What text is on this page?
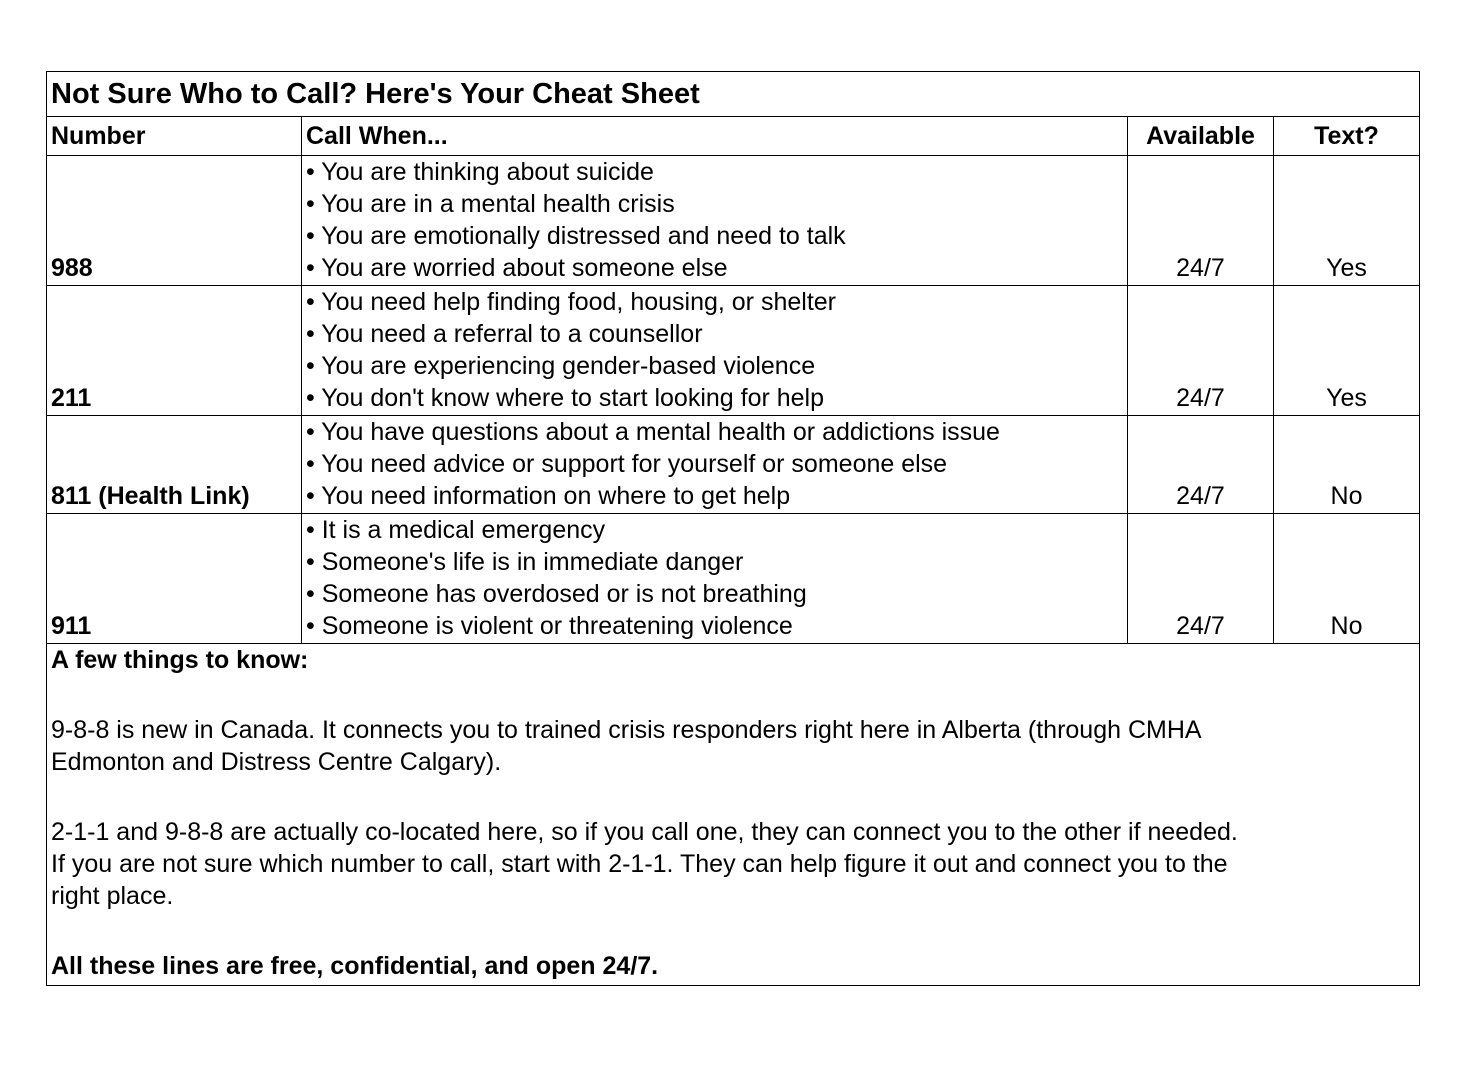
Not Sure Who to Call? Here's Your Cheat Sheet			
Number	Call When...	Available	Text?
988	• You are thinking about suicide
• You are in a mental health crisis
• You are emotionally distressed and need to talk
• You are worried about someone else	24/7	Yes
211	• You need help finding food, housing, or shelter
• You need a referral to a counsellor
• You are experiencing gender-based violence
• You don't know where to start looking for help	24/7	Yes
811 (Health Link)	• You have questions about a mental health or addictions issue
• You need advice or support for yourself or someone else
• You need information on where to get help	24/7	No
911	• It is a medical emergency
• Someone's life is in immediate danger
• Someone has overdosed or is not breathing
• Someone is violent or threatening violence	24/7	No

A few things to know:

9-8-8 is new in Canada. It connects you to trained crisis responders right here in Alberta (through CMHA Edmonton and Distress Centre Calgary).

2-1-1 and 9-8-8 are actually co-located here, so if you call one, they can connect you to the other if needed. If you are not sure which number to call, start with 2-1-1. They can help figure it out and connect you to the right place.

All these lines are free, confidential, and open 24/7.			
